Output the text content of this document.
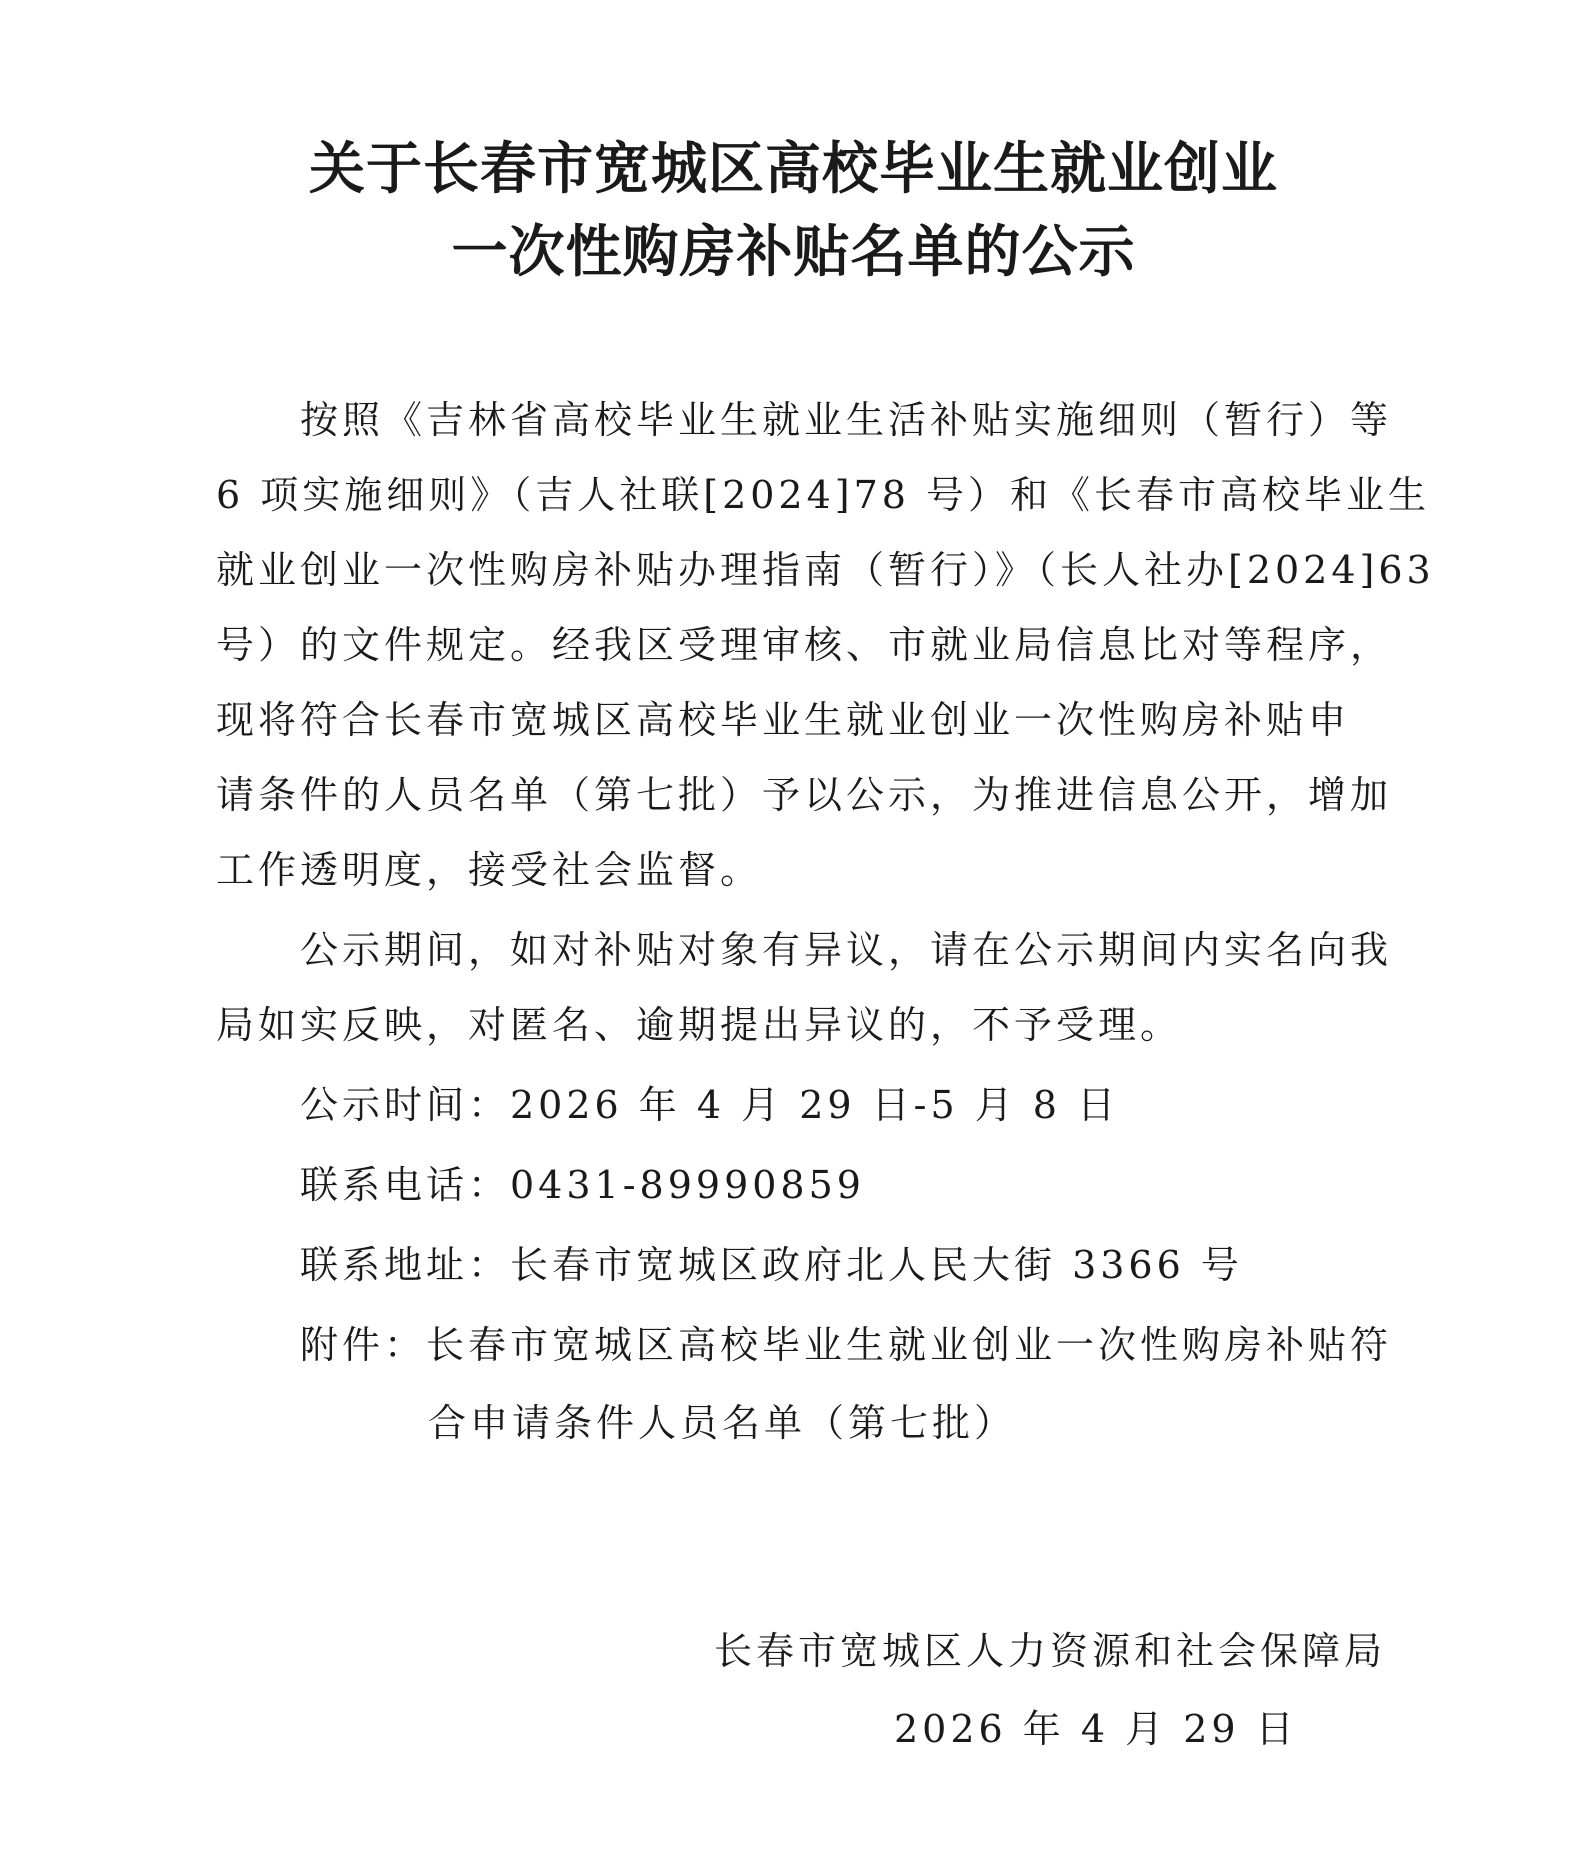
关于长春市宽城区高校毕业生就业创业
一次性购房补贴名单的公示
按照《吉林省高校毕业生就业生活补贴实施细则（暂行）等
6 项实施细则》（吉人社联[2024]78 号）和《长春市高校毕业生
就业创业一次性购房补贴办理指南（暂行）》（长人社办[2024]63
号）的文件规定。经我区受理审核、市就业局信息比对等程序，
现将符合长春市宽城区高校毕业生就业创业一次性购房补贴申
请条件的人员名单（第七批）予以公示，为推进信息公开，增加
工作透明度，接受社会监督。
公示期间，如对补贴对象有异议，请在公示期间内实名向我
局如实反映，对匿名、逾期提出异议的，不予受理。
公示时间：2026 年 4 月 29 日-5 月 8 日
联系电话：0431-89990859
联系地址：长春市宽城区政府北人民大街 3366 号
附件：长春市宽城区高校毕业生就业创业一次性购房补贴符
合申请条件人员名单（第七批）
长春市宽城区人力资源和社会保障局
2026 年 4 月 29 日
